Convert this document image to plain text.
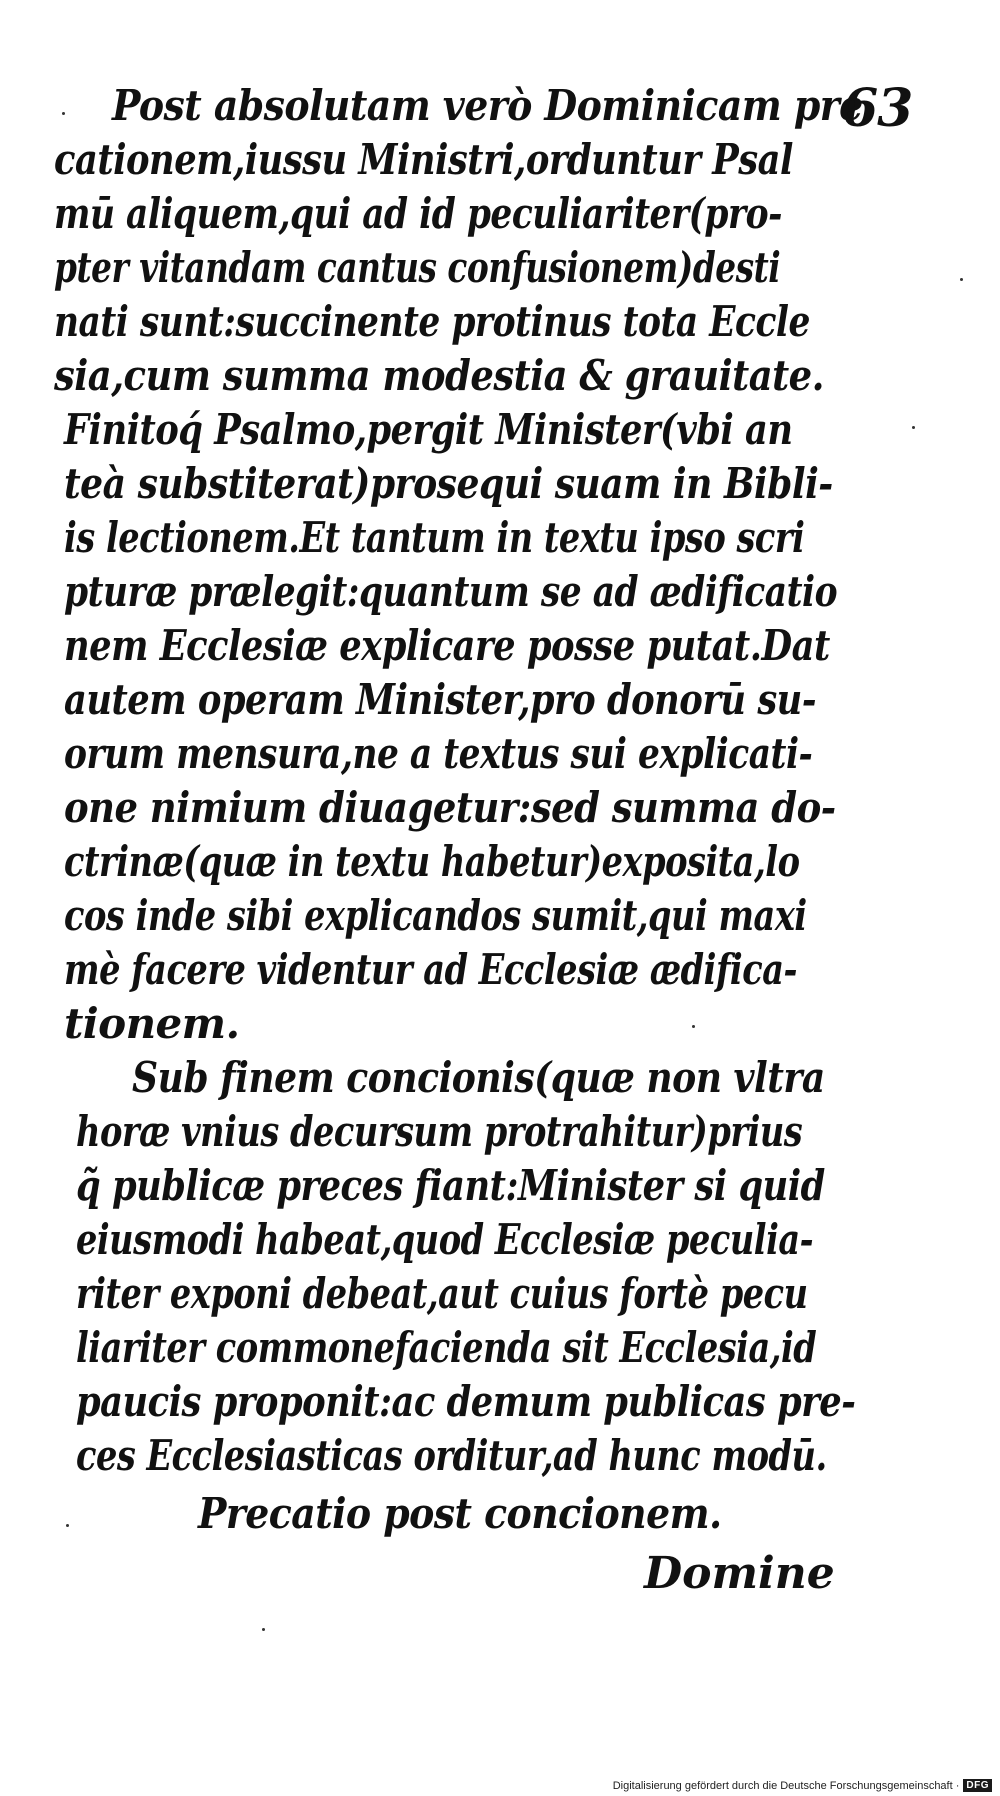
63
Post absolutam verò Dominicam pre
cationem,iussu Ministri,orduntur Psal
mū aliquem,qui ad id peculiariter(pro-
pter vitandam cantus confusionem)desti
nati sunt:succinente protinus tota Eccle
sia,cum summa modestia & grauitate.
Finitoq́ Psalmo,pergit Minister(vbi an
teà substiterat)prosequi suam in Bibli-
is lectionem.Et tantum in textu ipso scri
pturæ prælegit:quantum se ad ædificatio
nem Ecclesiæ explicare posse putat.Dat
autem operam Minister,pro donorū su-
orum mensura,ne a textus sui explicati-
one nimium diuagetur:sed summa do-
ctrinæ(quæ in textu habetur)exposita,lo
cos inde sibi explicandos sumit,qui maxi
mè facere videntur ad Ecclesiæ ædifica-
tionem.
Sub finem concionis(quæ non vltra
horæ vnius decursum protrahitur)prius
q̃ publicæ preces fiant:Minister si quid
eiusmodi habeat,quod Ecclesiæ peculia-
riter exponi debeat,aut cuius fortè pecu
liariter commonefacienda sit Ecclesia,id
paucis proponit:ac demum publicas pre-
ces Ecclesiasticas orditur,ad hunc modū.
Precatio post concionem.
Domine
Digitalisierung gefördert durch die Deutsche Forschungsgemeinschaft · DFG
